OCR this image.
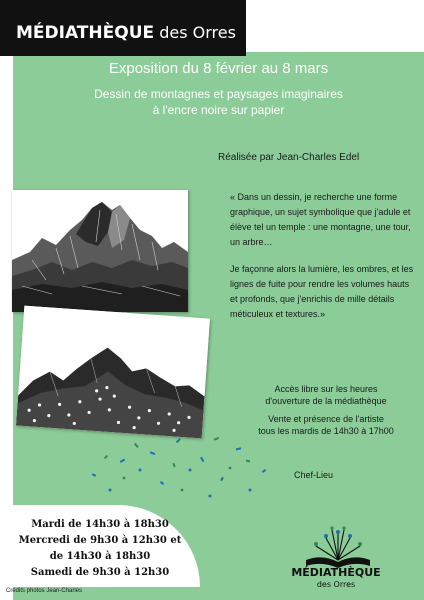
MÉDIATHÈQUE des Orres
Exposition du 8 février au 8 mars
Dessin de montagnes et paysages imaginaires
à l'encre noire sur papier
Réalisée par Jean-Charles Edel

« Dans un dessin, je recherche une forme graphique, un sujet symbolique que j'adule et élève tel un temple : une montagne, une tour, un arbre…

Je façonne alors la lumière, les ombres, et les lignes de fuite pour rendre les volumes hauts et profonds, que j'enrichis de mille détails méticuleux et textures.»

Accès libre sur les heures
d'ouverture de la médiathèque
Vente et présence de l'artiste
tous les mardis de 14h30 à 17h00
Chef-Lieu
Mardi de 14h30 à 18h30
Mercredi de 9h30 à 12h30 et
de 14h30 à 18h30
Samedi de 9h30 à 12h30
Crédits photos Jean-Charles
MÉDIATHÈQUE
des Orres
